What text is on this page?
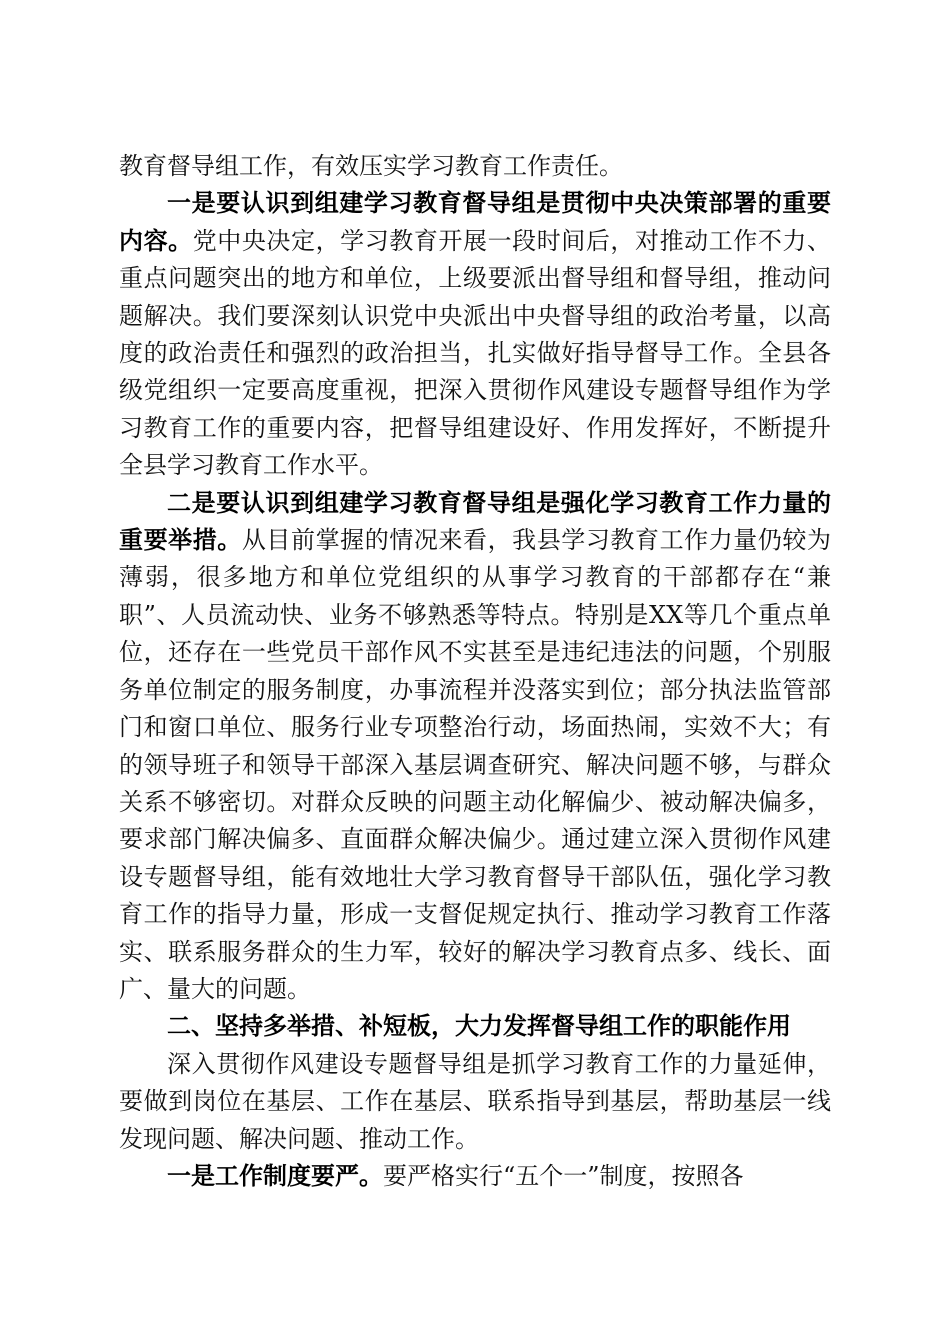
教育督导组工作，有效压实学习教育工作责任。

一是要认识到组建学习教育督导组是贯彻中央决策部署的重要内容。党中央决定，学习教育开展一段时间后，对推动工作不力、重点问题突出的地方和单位，上级要派出督导组和督导组，推动问题解决。我们要深刻认识党中央派出中央督导组的政治考量，以高度的政治责任和强烈的政治担当，扎实做好指导督导工作。全县各级党组织一定要高度重视，把深入贯彻作风建设专题督导组作为学习教育工作的重要内容，把督导组建设好、作用发挥好，不断提升全县学习教育工作水平。

二是要认识到组建学习教育督导组是强化学习教育工作力量的重要举措。从目前掌握的情况来看，我县学习教育工作力量仍较为薄弱，很多地方和单位党组织的从事学习教育的干部都存在“兼职”、人员流动快、业务不够熟悉等特点。特别是XX等几个重点单位，还存在一些党员干部作风不实甚至是违纪违法的问题，个别服务单位制定的服务制度，办事流程并没落实到位；部分执法监管部门和窗口单位、服务行业专项整治行动，场面热闹，实效不大；有的领导班子和领导干部深入基层调查研究、解决问题不够，与群众关系不够密切。对群众反映的问题主动化解偏少、被动解决偏多，要求部门解决偏多、直面群众解决偏少。通过建立深入贯彻作风建设专题督导组，能有效地壮大学习教育督导干部队伍，强化学习教育工作的指导力量，形成一支督促规定执行、推动学习教育工作落实、联系服务群众的生力军，较好的解决学习教育点多、线长、面广、量大的问题。

二、坚持多举措、补短板，大力发挥督导组工作的职能作用

深入贯彻作风建设专题督导组是抓学习教育工作的力量延伸，要做到岗位在基层、工作在基层、联系指导到基层，帮助基层一线发现问题、解决问题、推动工作。

一是工作制度要严。要严格实行“五个一”制度，按照各
